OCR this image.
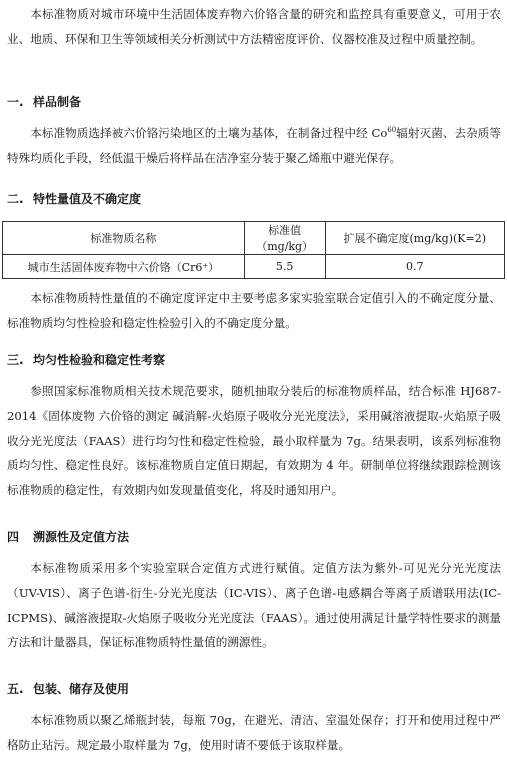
本标准物质对城市环境中生活固体废弃物六价铬含量的研究和监控具有重要意义，可用于农业、地质、环保和卫生等领域相关分析测试中方法精密度评价、仪器校准及过程中质量控制。

一. 样品制备

本标准物质选择被六价铬污染地区的土壤为基体，在制备过程中经 Co$^{60}$辐射灭菌、去杂质等特殊均质化手段，经低温干燥后将样品在洁净室分装于聚乙烯瓶中避光保存。

二. 特性量值及不确定度
标准物质名称	标准值（mg/kg）	扩展不确定度(mg/kg)(K=2)
城市生活固体废弃物中六价铬（Cr6⁺）	5.5	0.7

本标准物质特性量值的不确定度评定中主要考虑多家实验室联合定值引入的不确定度分量、标准物质均匀性检验和稳定性检验引入的不确定度分量。

三. 均匀性检验和稳定性考察

参照国家标准物质相关技术规范要求，随机抽取分装后的标准物质样品，结合标准 HJ687-2014《固体废物 六价铬的测定 碱消解-火焰原子吸收分光光度法》，采用碱溶液提取-火焰原子吸收分光光度法（FAAS）进行均匀性和稳定性检验，最小取样量为 7g。结果表明，该系列标准物质均匀性、稳定性良好。该标准物质自定值日期起，有效期为 4 年。研制单位将继续跟踪检测该标准物质的稳定性，有效期内如发现量值变化，将及时通知用户。

四 溯源性及定值方法

本标准物质采用多个实验室联合定值方式进行赋值。定值方法为紫外-可见光分光光度法（UV-VIS）、离子色谱-衍生-分光光度法（IC-VIS）、离子色谱-电感耦合等离子质谱联用法(IC-ICPMS)、碱溶液提取-火焰原子吸收分光光度法（FAAS）。通过使用满足计量学特性要求的测量方法和计量器具，保证标准物质特性量值的溯源性。

五. 包装、储存及使用

本标准物质以聚乙烯瓶封装，每瓶 70g，在避光、清洁、室温处保存；打开和使用过程中严格防止玷污。规定最小取样量为 7g，使用时请不要低于该取样量。
